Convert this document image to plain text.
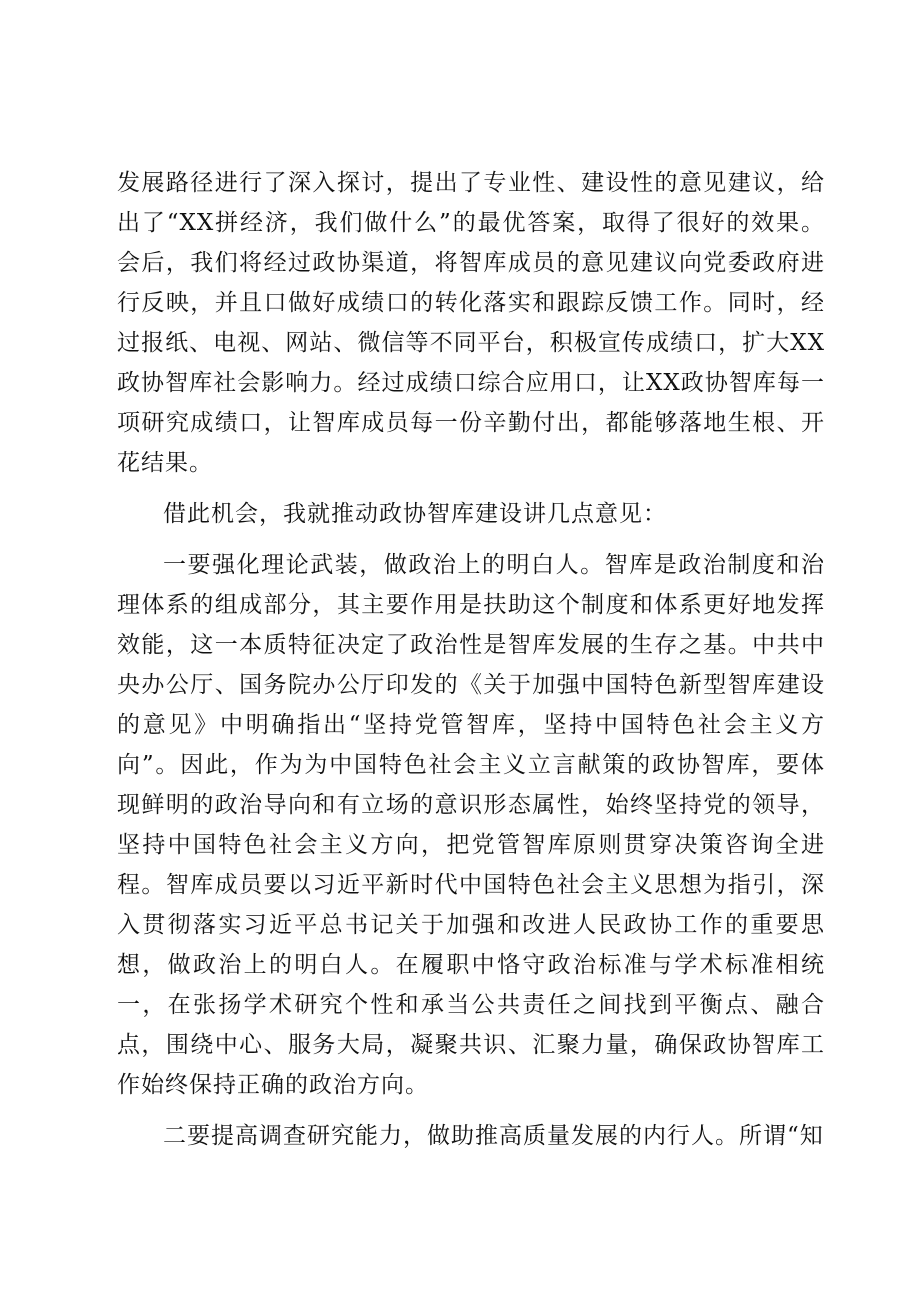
发展路径进行了深入探讨，提出了专业性、建设性的意见建议，给出了“XX拼经济，我们做什么”的最优答案，取得了很好的效果。会后，我们将经过政协渠道，将智库成员的意见建议向党委政府进行反映，并且口做好成绩口的转化落实和跟踪反馈工作。同时，经过报纸、电视、网站、微信等不同平台，积极宣传成绩口，扩大XX政协智库社会影响力。经过成绩口综合应用口，让XX政协智库每一项研究成绩口，让智库成员每一份辛勤付出，都能够落地生根、开花结果。

借此机会，我就推动政协智库建设讲几点意见：

一要强化理论武装，做政治上的明白人。智库是政治制度和治理体系的组成部分，其主要作用是扶助这个制度和体系更好地发挥效能，这一本质特征决定了政治性是智库发展的生存之基。中共中央办公厅、国务院办公厅印发的《关于加强中国特色新型智库建设的意见》中明确指出“坚持党管智库，坚持中国特色社会主义方向”。因此，作为为中国特色社会主义立言献策的政协智库，要体现鲜明的政治导向和有立场的意识形态属性，始终坚持党的领导，坚持中国特色社会主义方向，把党管智库原则贯穿决策咨询全进程。智库成员要以习近平新时代中国特色社会主义思想为指引，深入贯彻落实习近平总书记关于加强和改进人民政协工作的重要思想，做政治上的明白人。在履职中恪守政治标准与学术标准相统一，在张扬学术研究个性和承当公共责任之间找到平衡点、融合点，围绕中心、服务大局，凝聚共识、汇聚力量，确保政协智库工作始终保持正确的政治方向。

二要提高调查研究能力，做助推高质量发展的内行人。所谓“知
